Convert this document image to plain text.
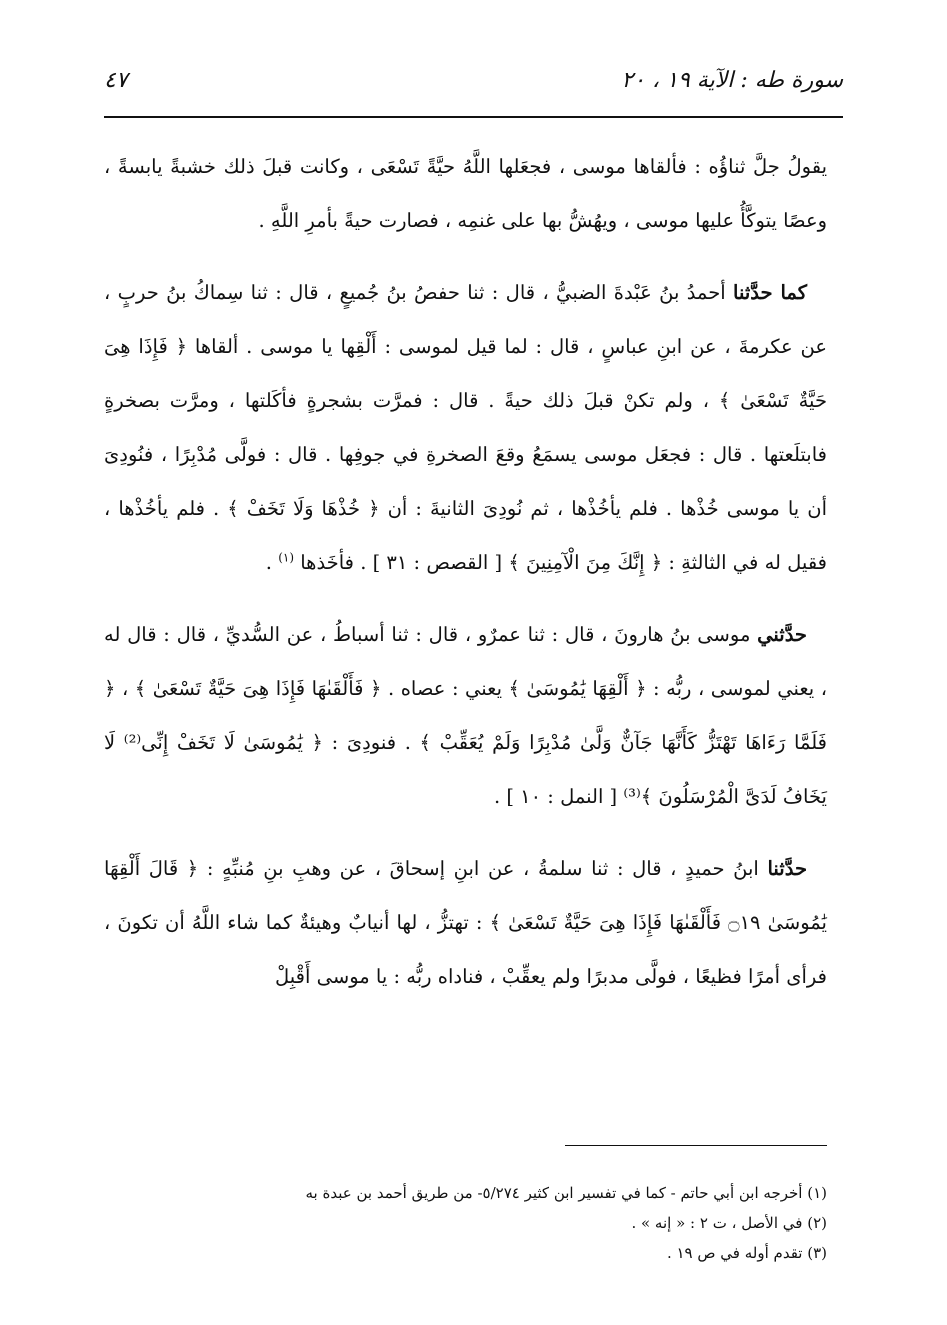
سورة طه : الآية ١٩ ، ٢٠
٤٧

يقولُ جلَّ ثناؤُه : فألقاها موسى ، فجعَلها اللَّهُ حيَّةً تَسْعَى ، وكانت قبلَ ذلك خشبةً يابسةً ، وعصًا يتوكَّأُ عليها موسى ، ويهُشُّ بها على غنمِه ، فصارت حيةً بأمرِ اللَّهِ .

كما حدَّثنا أحمدُ بنُ عَبْدةَ الضبيُّ ، قال : ثنا حفصُ بنُ جُميعٍ ، قال : ثنا سِماكُ بنُ حربٍ ، عن عكرمةَ ، عن ابنِ عباسٍ ، قال : لما قيل لموسى : أَلْقِها يا موسى . ألقاها ﴿ فَإِذَا هِىَ حَيَّةٌ تَسْعَىٰ ﴾ ، ولم تكنْ قبلَ ذلك حيةً . قال : فمرَّت بشجرةٍ فأكَلتها ، ومرَّت بصخرةٍ فابتلَعتها . قال : فجعَل موسى يسمَعُ وقعَ الصخرةِ في جوفِها . قال : فولَّى مُدْبِرًا ، فنُودِىَ أن يا موسى خُذْها . فلم يأخُذْها ، ثم نُودِىَ الثانيةَ : أن ﴿ خُذْهَا وَلَا تَخَفْ ﴾ . فلم يأخُذْها ، فقيل له في الثالثةِ : ﴿ إِنَّكَ مِنَ الْآمِنِينَ ﴾ [ القصص : ٣١ ] . فأخَذها $^{(١)}$ .

حدَّثني موسى بنُ هارونَ ، قال : ثنا عمرٌو ، قال : ثنا أسباطُ ، عن السُّديِّ ، قال : قال له ، يعني لموسى ، ربُّه : ﴿ أَلْقِهَا يَٰمُوسَىٰ ﴾ يعني : عصاه . ﴿ فَأَلْقَىٰهَا فَإِذَا هِىَ حَيَّةٌ تَسْعَىٰ ﴾ ، ﴿ فَلَمَّا رَءَاهَا تَهْتَزُّ كَأَنَّهَا جَآنٌّ وَلَّىٰ مُدْبِرًا وَلَمْ يُعَقِّبْ ﴾ . فنودِىَ : ﴿ يَٰمُوسَىٰ لَا تَخَفْ إِنِّى⁽²⁾ لَا يَخَافُ لَدَىَّ الْمُرْسَلُونَ ﴾⁽³⁾ [ النمل : ١٠ ] .

حدَّثنا ابنُ حميدٍ ، قال : ثنا سلمةُ ، عن ابنِ إسحاقَ ، عن وهبِ بنِ مُنبِّهٍ : ﴿ قَالَ أَلْقِهَا يَٰمُوسَىٰ ۝١٩ فَأَلْقَىٰهَا فَإِذَا هِىَ حَيَّةٌ تَسْعَىٰ ﴾ : تهتزُّ ، لها أنيابٌ وهيئةٌ كما شاء اللَّهُ أن تكونَ ، فرأى أمرًا فظيعًا ، فولَّى مدبرًا ولم يعقِّبْ ، فناداه ربُّه : يا موسى أَقْبِلْ

(١) أخرجه ابن أبي حاتم - كما في تفسير ابن كثير ٥/٢٧٤- من طريق أحمد بن عبدة به

(٢) في الأصل ، ت ٢ : « إنه » .

(٣) تقدم أوله في ص ١٩ .
